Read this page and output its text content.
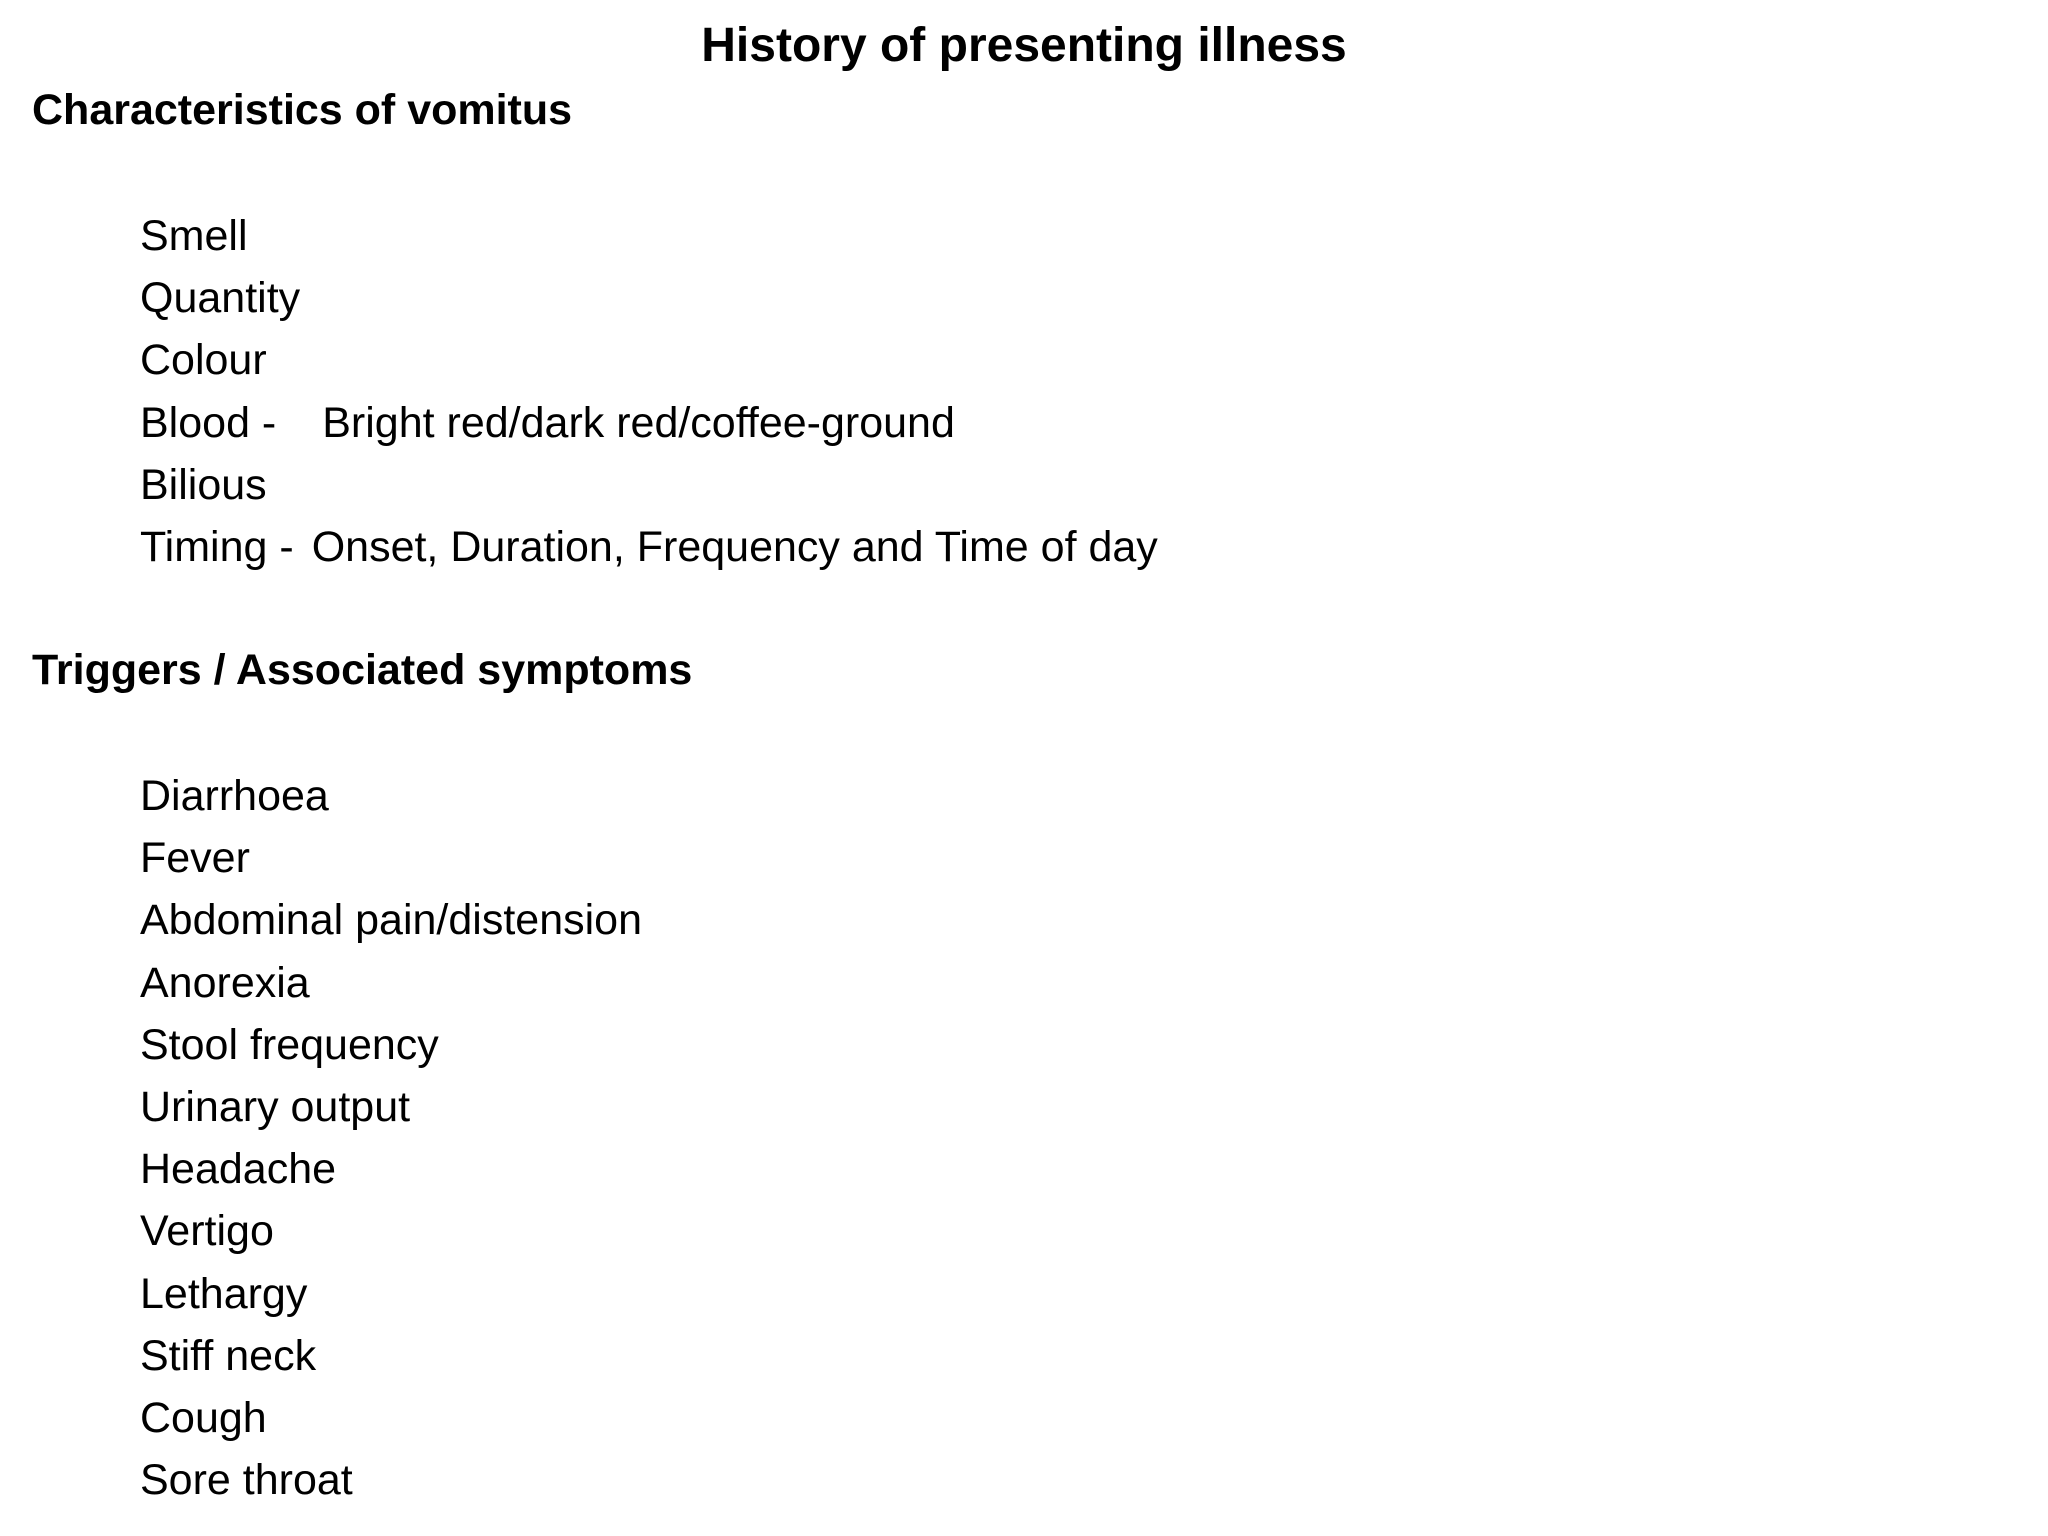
History of presenting illness
Characteristics of vomitus
Smell
Quantity
Colour
Blood - Bright red/dark red/coffee-ground
Bilious
Timing - Onset, Duration, Frequency and Time of day
Triggers / Associated symptoms
Diarrhoea
Fever
Abdominal pain/distension
Anorexia
Stool frequency
Urinary output
Headache
Vertigo
Lethargy
Stiff neck
Cough
Sore throat
